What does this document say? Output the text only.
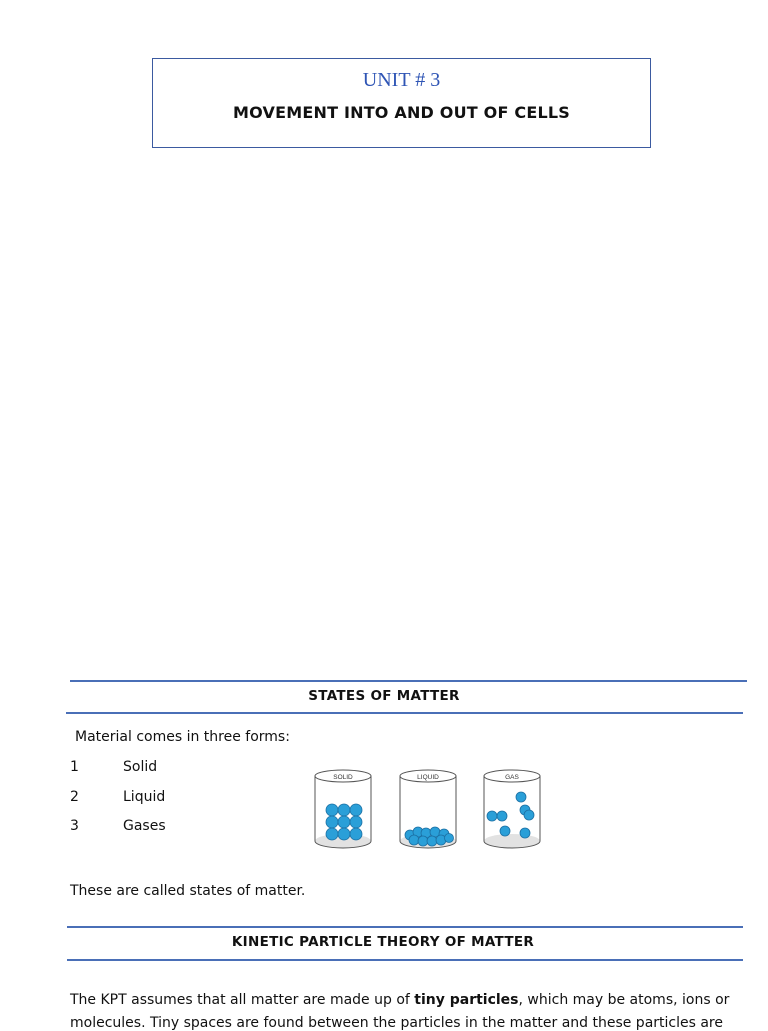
UNIT # 3
MOVEMENT INTO AND OUT OF CELLS
STATES OF MATTER
Material comes in three forms:
1	Solid
2	Liquid
3	Gases
SOLID	LIQUID	GAS
These are called states of matter.
KINETIC PARTICLE THEORY OF MATTER
The KPT assumes that all matter are made up of tiny particles, which may be atoms, ions or
molecules. Tiny spaces are found between the particles in the matter and these particles are
